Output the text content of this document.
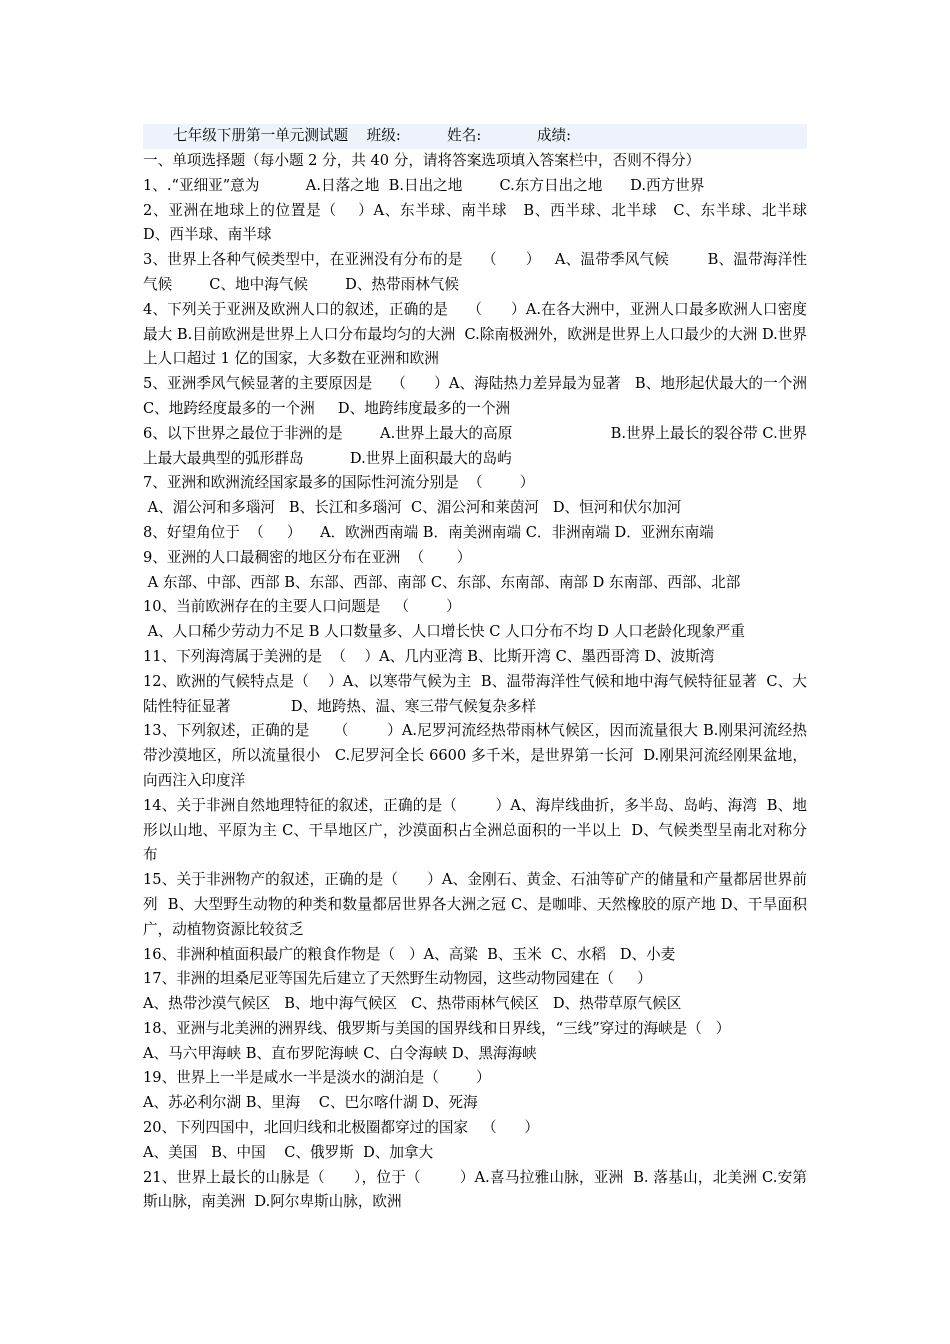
七年级下册第一单元测试题    班级:          姓名:            成绩:
一、单项选择题（每小题 2 分，共 40 分，请将答案选项填入答案栏中，否则不得分）

1、.“亚细亚”意为          A.日落之地  B.日出之地        C.东方日出之地      D.西方世界

2、亚洲在地球上的位置是（    ）A、东半球、南半球   B、西半球、北半球   C、东半球、北半球   D、西半球、南半球

3、世界上各种气候类型中，在亚洲没有分布的是    （      ）   A、温带季风气候        B、温带海洋性气候        C、地中海气候        D、热带雨林气候

4、下列关于亚洲及欧洲人口的叙述，正确的是    （      ）A.在各大洲中，亚洲人口最多欧洲人口密度最大 B.目前欧洲是世界上人口分布最均匀的大洲  C.除南极洲外，欧洲是世界上人口最少的大洲 D.世界上人口超过 1 亿的国家，大多数在亚洲和欧洲

5、亚洲季风气候显著的主要原因是    （      ）A、海陆热力差异最为显著   B、地形起伏最大的一个洲  C、地跨经度最多的一个洲     D、地跨纬度最多的一个洲

6、以下世界之最位于非洲的是        A.世界上最大的高原                     B.世界上最长的裂谷带 C.世界上最大最典型的弧形群岛          D.世界上面积最大的岛屿

7、亚洲和欧洲流经国家最多的国际性河流分别是  （        ）

A、湄公河和多瑙河   B、长江和多瑙河  C、湄公河和莱茵河   D、恒河和伏尔加河

8、好望角位于  （     ）    A．欧洲西南端 B．南美洲南端 C．非洲南端 D．亚洲东南端

9、亚洲的人口最稠密的地区分布在亚洲  （       ）

A 东部、中部、西部 B、东部、西部、南部 C、东部、东南部、南部 D 东南部、西部、北部

10、当前欧洲存在的主要人口问题是   （        ）

A、人口稀少劳动力不足 B 人口数量多、人口增长快 C 人口分布不均 D 人口老龄化现象严重

11、下列海湾属于美洲的是  （    ）A、几内亚湾 B、比斯开湾 C、墨西哥湾 D、波斯湾

12、欧洲的气候特点是（    ）A、以寒带气候为主  B、温带海洋性气候和地中海气候特征显著  C、大陆性特征显著             D、地跨热、温、寒三带气候复杂多样

13、下列叙述，正确的是     （        ）A.尼罗河流经热带雨林气候区，因而流量很大 B.刚果河流经热带沙漠地区，所以流量很小   C.尼罗河全长 6600 多千米，是世界第一长河  D.刚果河流经刚果盆地，向西注入印度洋

14、关于非洲自然地理特征的叙述，正确的是（        ）A、海岸线曲折，多半岛、岛屿、海湾  B、地形以山地、平原为主 C、干旱地区广，沙漠面积占全洲总面积的一半以上  D、气候类型呈南北对称分布

15、关于非洲物产的叙述，正确的是（      ）A、金刚石、黄金、石油等矿产的储量和产量都居世界前列  B、大型野生动物的种类和数量都居世界各大洲之冠 C、是咖啡、天然橡胶的原产地 D、干旱面积广，动植物资源比较贫乏

16、非洲种植面积最广的粮食作物是（   ）A、高粱  B、玉米  C、水稻   D、小麦

17、非洲的坦桑尼亚等国先后建立了天然野生动物园，这些动物园建在（     ）

A、热带沙漠气候区   B、地中海气候区   C、热带雨林气候区   D、热带草原气候区

18、亚洲与北美洲的洲界线、俄罗斯与美国的国界线和日界线，“三线”穿过的海峡是（   ）

A、马六甲海峡 B、直布罗陀海峡 C、白令海峡 D、黑海海峡

19、世界上一半是咸水一半是淡水的湖泊是（        ）

A、苏必利尔湖 B、里海    C、巴尔喀什湖 D、死海

20、下列四国中，北回归线和北极圈都穿过的国家   （      ）

A、美国   B、中国    C、俄罗斯  D、加拿大

21、世界上最长的山脉是（      ），位于（        ）A.喜马拉雅山脉，亚洲  B. 落基山，北美洲 C.安第斯山脉，南美洲  D.阿尔卑斯山脉，欧洲
